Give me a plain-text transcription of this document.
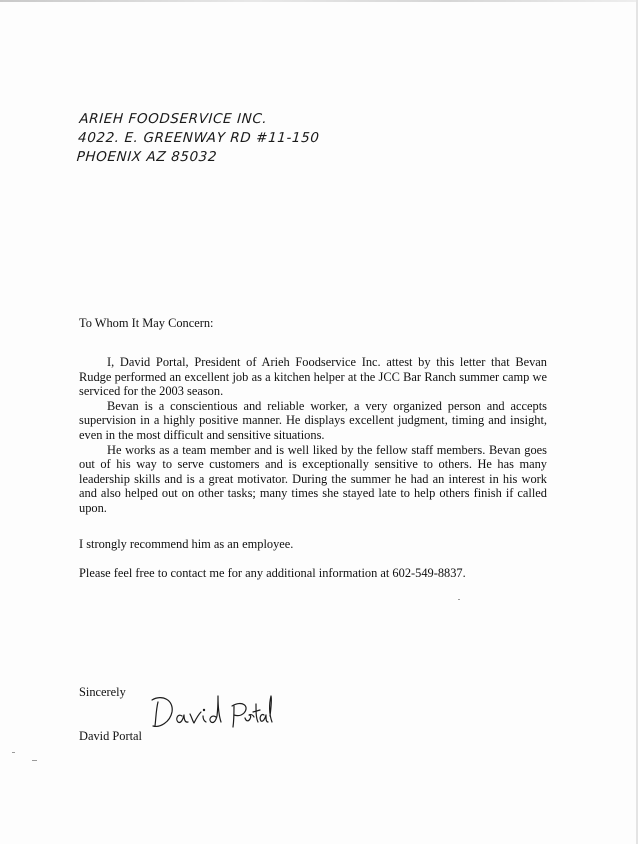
ARIEH FOODSERVICE INC.
4022. E. GREENWAY RD #11-150
PHOENIX AZ 85032
To Whom It May Concern:

I, David Portal, President of Arieh Foodservice Inc. attest by this letter that Bevan Rudge performed an excellent job as a kitchen helper at the JCC Bar Ranch summer camp we serviced for the 2003 season.

Bevan is a conscientious and reliable worker, a very organized person and accepts supervision in a highly positive manner. He displays excellent judgment, timing and insight, even in the most difficult and sensitive situations.

He works as a team member and is well liked by the fellow staff members. Bevan goes out of his way to serve customers and is exceptionally sensitive to others. He has many leadership skills and is a great motivator. During the summer he had an interest in his work and also helped out on other tasks; many times she stayed late to help others finish if called upon.

I strongly recommend him as an employee.
Please feel free to contact me for any additional information at 602-549-8837.
Sincerely
David Portal
